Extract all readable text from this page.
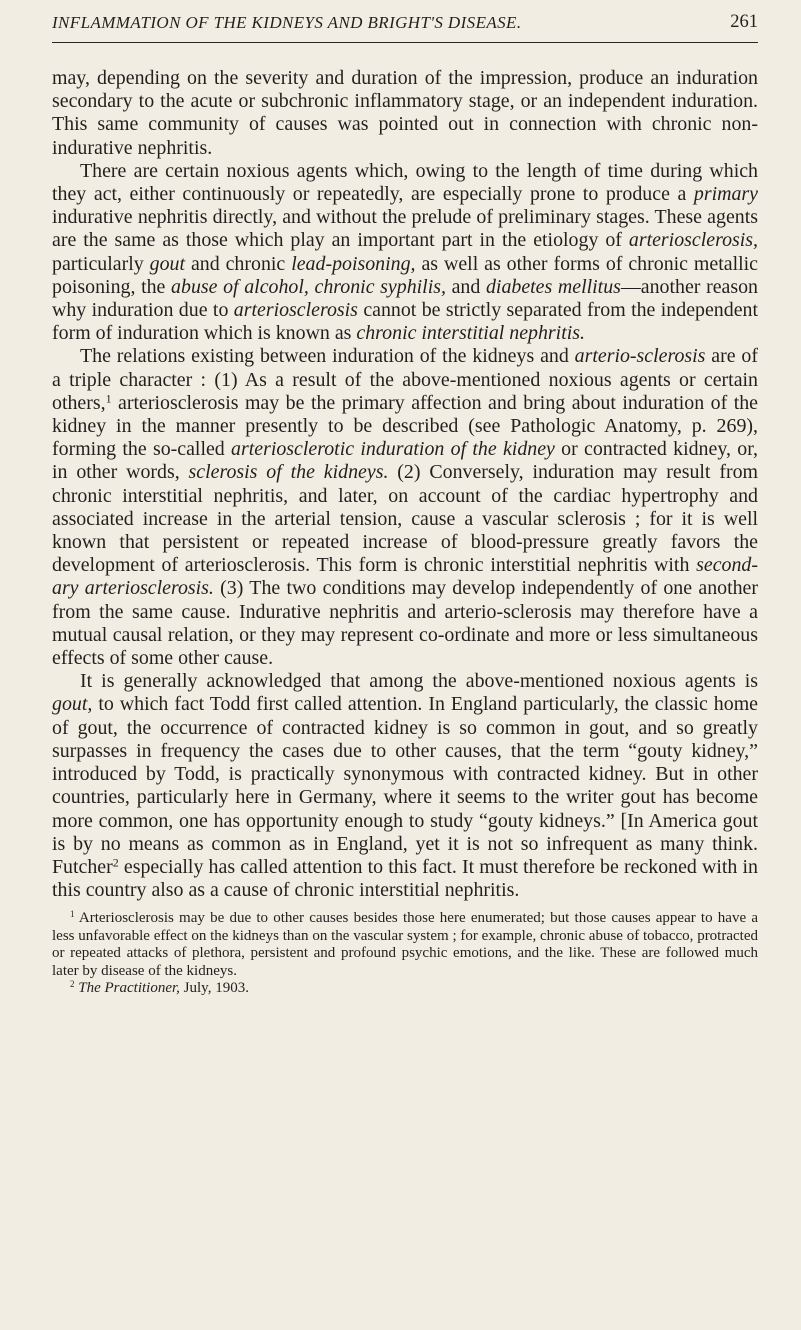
INFLAMMATION OF THE KIDNEYS AND BRIGHT'S DISEASE.	261

may, depending on the severity and duration of the impression, produce an induration secondary to the acute or subchronic inflammatory stage, or an independent induration. This same community of causes was pointed out in connection with chronic non-indurative nephritis.

There are certain noxious agents which, owing to the length of time during which they act, either continuously or repeatedly, are especially prone to produce a primary indurative nephritis directly, and without the prelude of preliminary stages. These agents are the same as those which play an important part in the etiology of arteriosclerosis, particularly gout and chronic lead-poisoning, as well as other forms of chronic metallic poisoning, the abuse of alcohol, chronic syphilis, and diabetes mellitus—another reason why induration due to arteriosclerosis cannot be strictly separated from the independent form of induration which is known as chronic interstitial nephritis.

The relations existing between induration of the kidneys and arterio-sclerosis are of a triple character : (1) As a result of the above-mentioned noxious agents or certain others,$^1$ arteriosclerosis may be the primary affection and bring about induration of the kidney in the manner presently to be described (see Pathologic Anatomy, p. 269), forming the so-called arteriosclerotic induration of the kidney or contracted kidney, or, in other words, sclerosis of the kidneys. (2) Conversely, induration may result from chronic interstitial nephritis, and later, on account of the cardiac hypertrophy and associated increase in the arterial tension, cause a vascular sclerosis ; for it is well known that persistent or repeated increase of blood-pressure greatly favors the development of arteriosclerosis. This form is chronic interstitial nephritis with second-ary arteriosclerosis. (3) The two conditions may develop independently of one another from the same cause. Indurative nephritis and arterio-sclerosis may therefore have a mutual causal relation, or they may represent co-ordinate and more or less simultaneous effects of some other cause.

It is generally acknowledged that among the above-mentioned noxious agents is gout, to which fact Todd first called attention. In England particularly, the classic home of gout, the occurrence of contracted kidney is so common in gout, and so greatly surpasses in frequency the cases due to other causes, that the term “gouty kidney,” introduced by Todd, is practically synonymous with contracted kidney. But in other countries, particularly here in Germany, where it seems to the writer gout has become more common, one has opportunity enough to study “gouty kidneys.” [In America gout is by no means as common as in England, yet it is not so infrequent as many think. Futcher$^2$ especially has called attention to this fact. It must therefore be reckoned with in this country also as a cause of chronic interstitial nephritis.

$^1$ Arteriosclerosis may be due to other causes besides those here enumerated; but those causes appear to have a less unfavorable effect on the kidneys than on the vascular system ; for example, chronic abuse of tobacco, protracted or repeated attacks of plethora, persistent and profound psychic emotions, and the like. These are followed much later by disease of the kidneys.

$^2$ The Practitioner, July, 1903.
